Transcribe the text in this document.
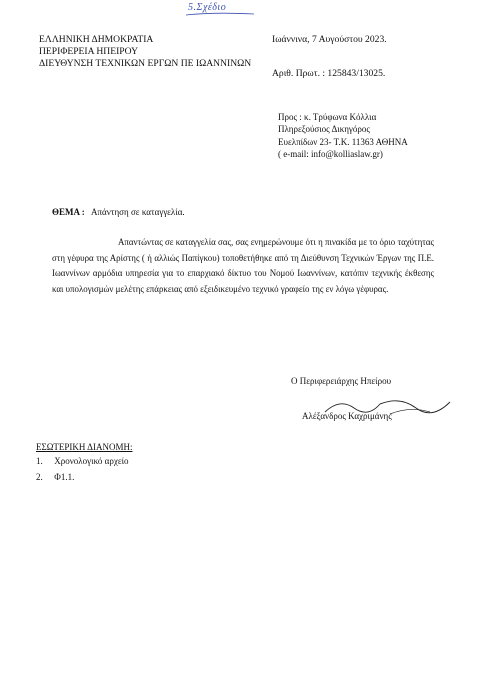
5.Σχέδιο
ΕΛΛΗΝΙΚΗ ΔΗΜΟΚΡΑΤΙΑ
ΠΕΡΙΦΕΡΕΙΑ ΗΠΕΙΡΟΥ
ΔΙΕΥΘΥΝΣΗ ΤΕΧΝΙΚΩΝ ΕΡΓΩΝ ΠΕ ΙΩΑΝΝΙΝΩΝ
Ιωάννινα, 7 Αυγούστου 2023.
Αριθ. Πρωτ. : 125843/13025.
Προς : κ. Τρύφωνα Κόλλια
Πληρεξούσιος Δικηγόρος
Ευελπίδων 23- Τ.Κ. 11363 ΑΘΗΝΑ
( e-mail: info@kolliaslaw.gr)
ΘΕΜΑ : Απάντηση σε καταγγελία.
Απαντώντας σε καταγγελία σας, σας ενημερώνουμε ότι η πινακίδα με το όριο ταχύτητας στη γέφυρα της Αρίστης ( ή αλλιώς Παπίγκου) τοποθετήθηκε από τη Διεύθυνση Τεχνικών Έργων της Π.Ε. Ιωαννίνων αρμόδια υπηρεσία για το επαρχιακό δίκτυο του Νομού Ιωαννίνων, κατόπιν τεχνικής έκθεσης και υπολογισμών μελέτης επάρκειας από εξειδικευμένο τεχνικό γραφείο της εν λόγω γέφυρας.
Ο Περιφερειάρχης Ηπείρου
Αλέξανδρος Καχριμάνης
ΕΣΩΤΕΡΙΚΗ ΔΙΑΝΟΜΗ:
1. Χρονολογικό αρχείο
2. Φ1.1.
